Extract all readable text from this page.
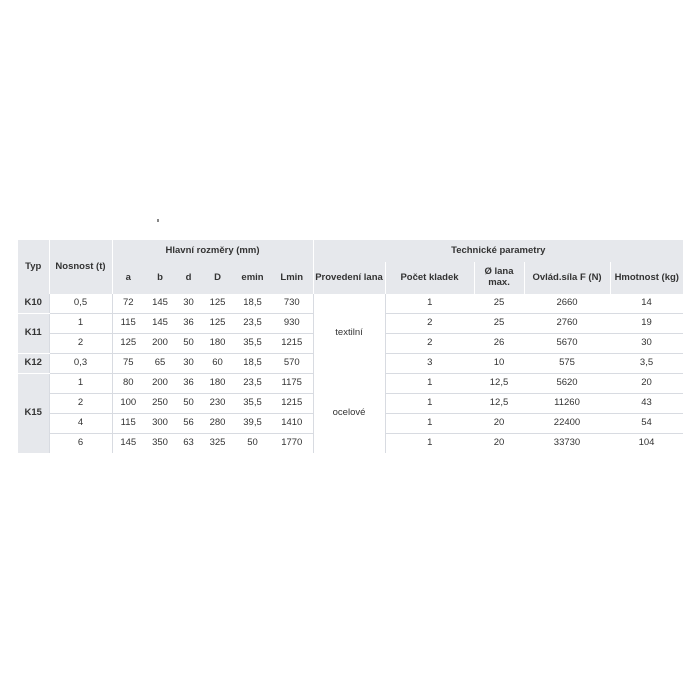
Typ	Nosnost (t)	Hlavní rozměry (mm)						Technické parametry				
		a	b	d	D	emin	Lmin	Provedení lana	Počet kladek	Ø lana max.	Ovlád.síla F (N)	Hmotnost (kg)
K10	0,5	72	145	30	125	18,5	730	textilní	1	25	2660	14
K11	1	115	145	36	125	23,5	930		2	25	2760	19
	2	125	200	50	180	35,5	1215		2	26	5670	30
K12	0,3	75	65	30	60	18,5	570		3	10	575	3,5
K15	1	80	200	36	180	23,5	1175	ocelové	1	12,5	5620	20
	2	100	250	50	230	35,5	1215		1	12,5	11260	43
	4	115	300	56	280	39,5	1410		1	20	22400	54
	6	145	350	63	325	50	1770		1	20	33730	104
